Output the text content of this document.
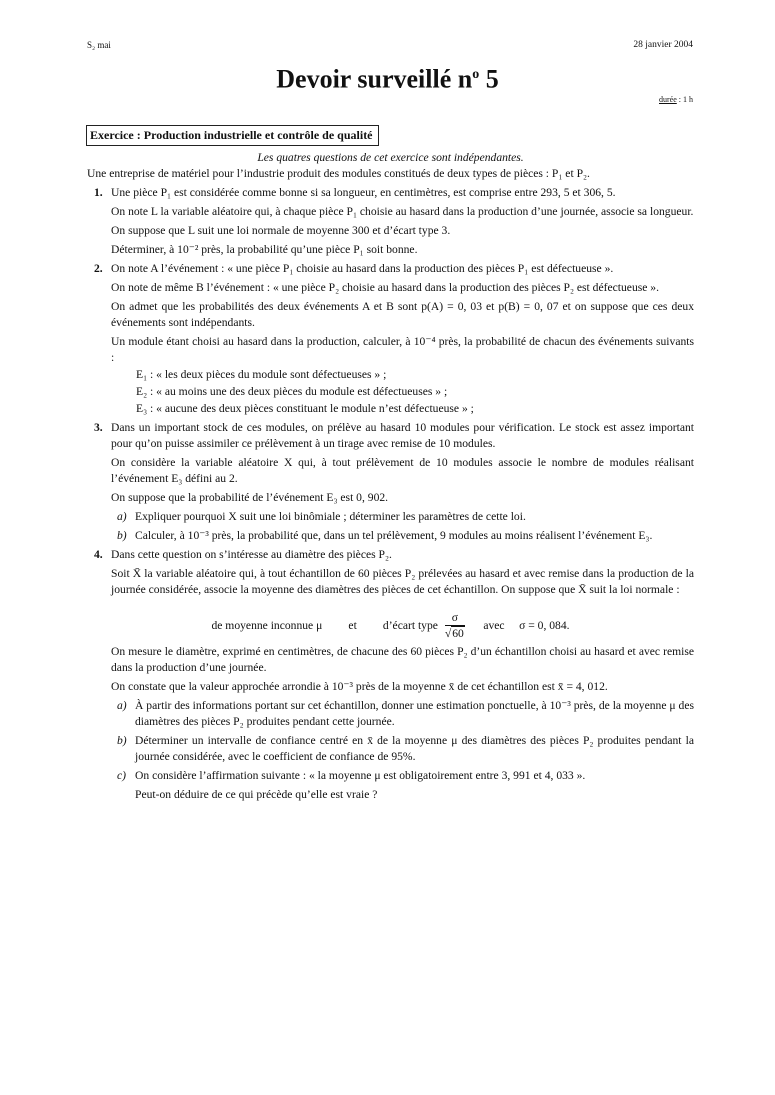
S₂ mai	28 janvier 2004
Devoir surveillé $n^o$ 5
durée : 1 h
Exercice : Production industrielle et contrôle de qualité

Les quatres questions de cet exercice sont indépendantes.

Une entreprise de matériel pour l’industrie produit des modules constitués de deux types de pièces : P₁ et P₂.

1. Une pièce P₁ est considérée comme bonne si sa longueur, en centimètres, est comprise entre 293, 5 et 306, 5.

On note L la variable aléatoire qui, à chaque pièce P₁ choisie au hasard dans la production d’une journée, associe sa longueur.

On suppose que L suit une loi normale de moyenne 300 et d’écart type 3.

Déterminer, à 10⁻² près, la probabilité qu’une pièce P₁ soit bonne.

2. On note A l’événement : « une pièce P₁ choisie au hasard dans la production des pièces P₁ est défectueuse ».

On note de même B l’événement : « une pièce P₂ choisie au hasard dans la production des pièces P₂ est défectueuse ».

On admet que les probabilités des deux événements A et B sont p(A) = 0, 03 et p(B) = 0, 07 et on suppose que ces deux événements sont indépendants.

Un module étant choisi au hasard dans la production, calculer, à 10⁻⁴ près, la probabilité de chacun des événements suivants :

E₁ : « les deux pièces du module sont défectueuses » ;

E₂ : « au moins une des deux pièces du module est défectueuses » ;

E₃ : « aucune des deux pièces constituant le module n’est défectueuse » ;

3. Dans un important stock de ces modules, on prélève au hasard 10 modules pour vérification. Le stock est assez important pour qu’on puisse assimiler ce prélèvement à un tirage avec remise de 10 modules.

On considère la variable aléatoire X qui, à tout prélèvement de 10 modules associe le nombre de modules réalisant l’événement E₃ défini au 2.

On suppose que la probabilité de l’événement E₃ est 0, 902.

a) Expliquer pourquoi X suit une loi binômiale ; déterminer les paramètres de cette loi.

b) Calculer, à 10⁻³ près, la probabilité que, dans un tel prélèvement, 9 modules au moins réalisent l’événement E₃.

4. Dans cette question on s’intéresse au diamètre des pièces P₂.

Soit X̄ la variable aléatoire qui, à tout échantillon de 60 pièces P₂ prélevées au hasard et avec remise dans la production de la journée considérée, associe la moyenne des diamètres des pièces de cet échantillon. On suppose que X̄ suit la loi normale :

de moyenne inconnue μ et d’écart type $\frac{\sigma}{√60}$ avec σ = 0, 084.

On mesure le diamètre, exprimé en centimètres, de chacune des 60 pièces P₂ d’un échantillon choisi au hasard et avec remise dans la production d’une journée.

On constate que la valeur approchée arrondie à 10⁻³ près de la moyenne x̄ de cet échantillon est x̄ = 4, 012.

a) À partir des informations portant sur cet échantillon, donner une estimation ponctuelle, à 10⁻³ près, de la moyenne μ des diamètres des pièces P₂ produites pendant cette journée.

b) Déterminer un intervalle de confiance centré en x̄ de la moyenne μ des diamètres des pièces P₂ produites pendant la journée considérée, avec le coefficient de confiance de 95%.

c) On considère l’affirmation suivante : « la moyenne μ est obligatoirement entre 3, 991 et 4, 033 ».

Peut-on déduire de ce qui précède qu’elle est vraie ?
